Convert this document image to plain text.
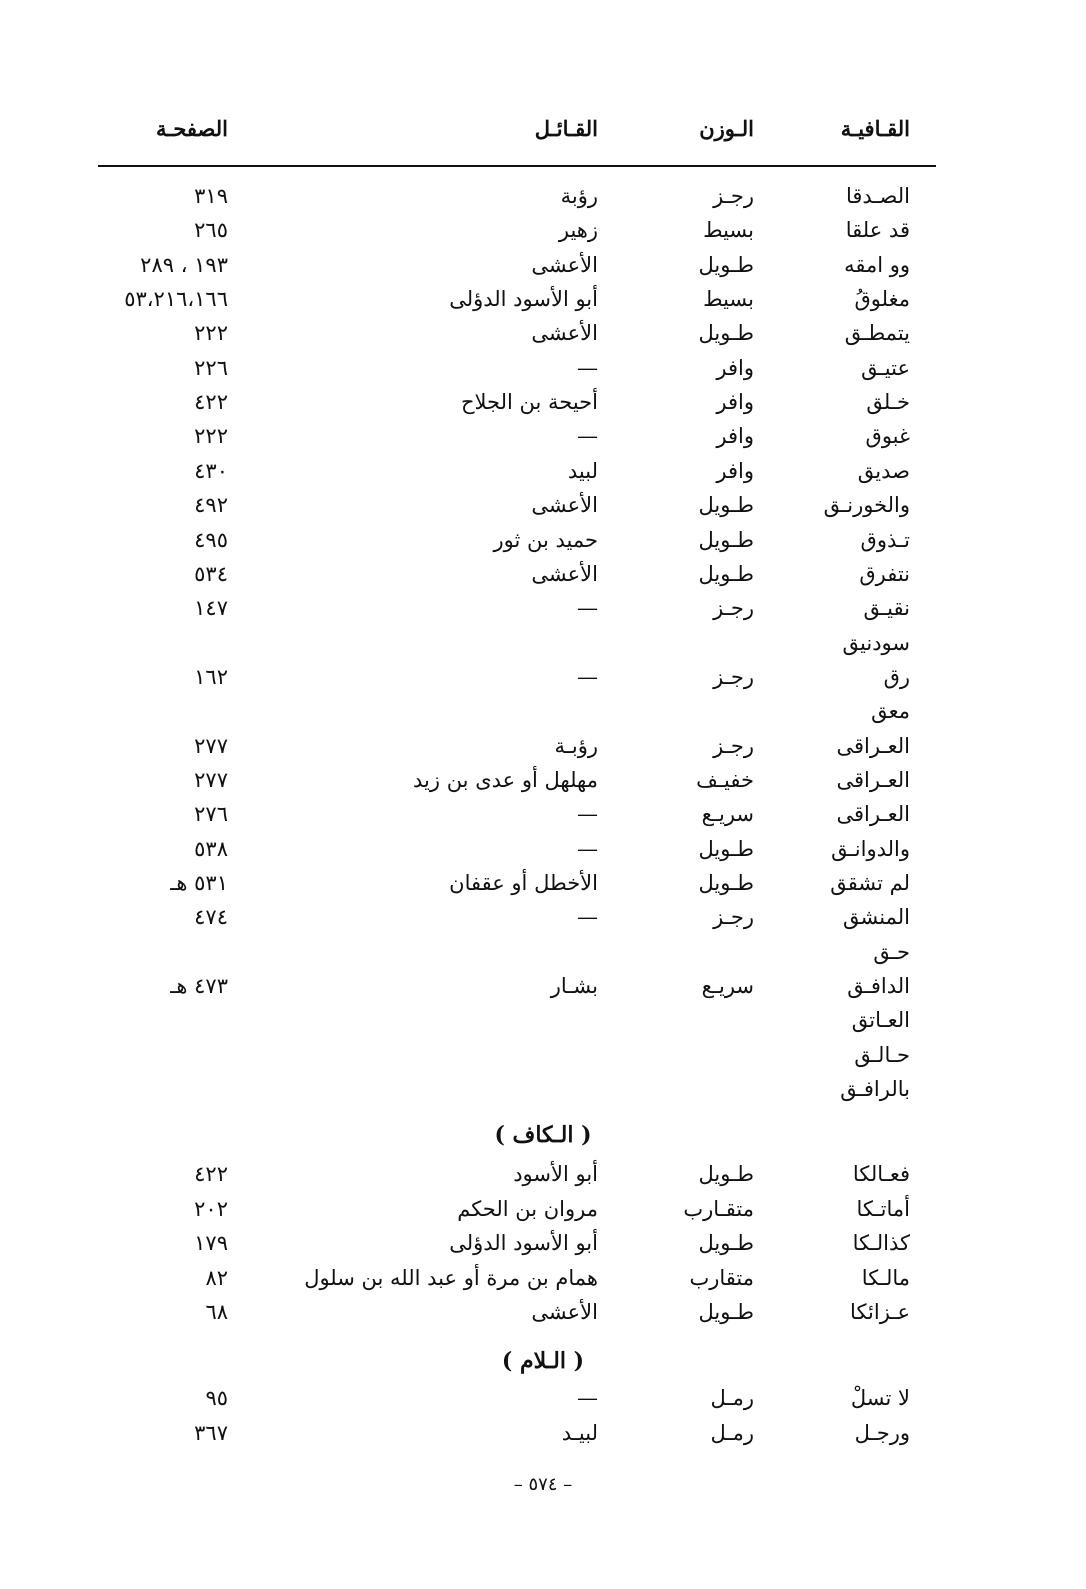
القـافيـة
الـوزن
القـائـل
الصفحـة
الصـدقا
رجـز
رؤبة
٣١٩
قد علقا
بسيط
زهير
٢٦٥
وو امقه
طـويل
الأعشى
١٩٣ ، ٢٨٩
مغلوقُ
بسيط
أبو الأسود الدؤلى
٥٣،٢١٦،١٦٦
يتمطـق
طـويل
الأعشى
٢٢٢
عتيـق
وافر
—
٢٢٦
خـلق
وافر
أحيحة بن الجلاح
٤٢٢
غبوق
وافر
—
٢٢٢
صديق
وافر
لبيد
٤٣٠
والخورنـق
طـويل
الأعشى
٤٩٢
تـذوق
طـويل
حميد بن ثور
٤٩٥
نتفرق
طـويل
الأعشى
٥٣٤
نقيـق
رجـز
—
١٤٧
سودنيق
رق
رجـز
—
١٦٢
معق
العـراقى
رجـز
رؤبـة
٢٧٧
العـراقى
خفيـف
مهلهل أو عدى بن زيد
٢٧٧
العـراقى
سريـع
—
٢٧٦
والدوانـق
طـويل
—
٥٣٨
لم تشقق
طـويل
الأخطل أو عقفان
٥٣١ هـ
المنشق
رجـز
—
٤٧٤
حـق
الدافـق
سريـع
بشـار
٤٧٣ هـ
العـاتق
حـالـق
بالرافـق
( الـكاف )
فعـالكا
طـويل
أبو الأسود
٤٢٢
أماتـكا
متقـارب
مروان بن الحكم
٢٠٢
كذالـكا
طـويل
أبو الأسود الدؤلى
١٧٩
مالـكا
متقارب
همام بن مرة أو عبد الله بن سلول
٨٢
عـزائكا
طـويل
الأعشى
٦٨
( الـلام )
لا تسلْ
رمـل
—
٩٥
ورجـل
رمـل
لبيـد
٣٦٧
– ٥٧٤ –
